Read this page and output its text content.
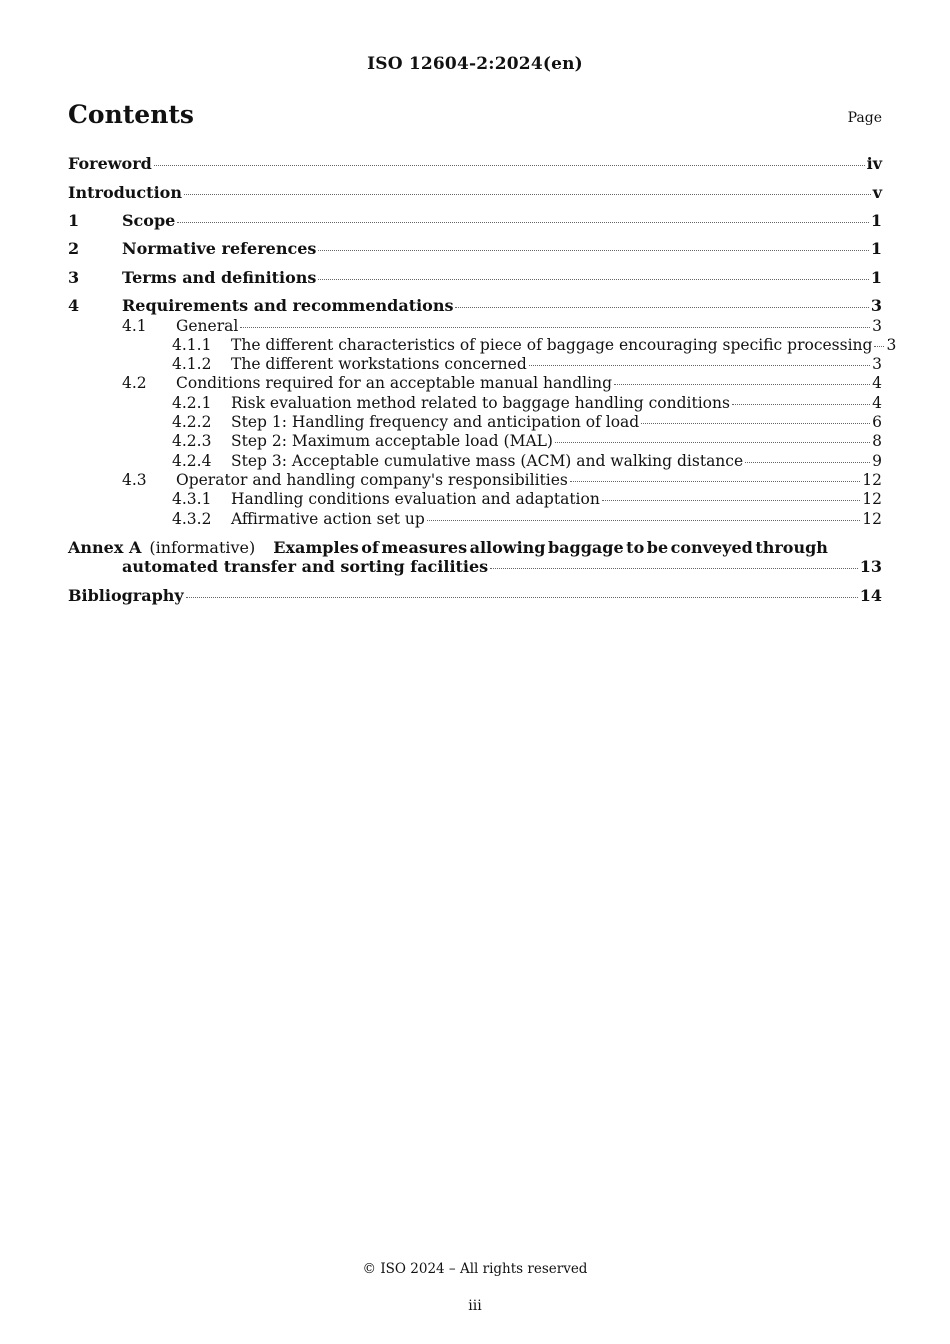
ISO 12604-2:2024(en)
Contents	Page
Foreword	iv
Introduction	v
1	Scope	1
2	Normative references	1
3	Terms and definitions	1
4	Requirements and recommendations	3
4.1	General	3
4.1.1	The different characteristics of piece of baggage encouraging specific processing 3
4.1.2	The different workstations concerned	3
4.2	Conditions required for an acceptable manual handling	4
4.2.1	Risk evaluation method related to baggage handling conditions	4
4.2.2	Step 1: Handling frequency and anticipation of load	6
4.2.3	Step 2: Maximum acceptable load (MAL)	8
4.2.4	Step 3: Acceptable cumulative mass (ACM) and walking distance	9
4.3	Operator and handling company's responsibilities	12
4.3.1	Handling conditions evaluation and adaptation	12
4.3.2	Affirmative action set up	12
Annex A (informative) Examples of measures allowing baggage to be conveyed through
automated transfer and sorting facilities	13
Bibliography	14
© ISO 2024 – All rights reserved
iii
